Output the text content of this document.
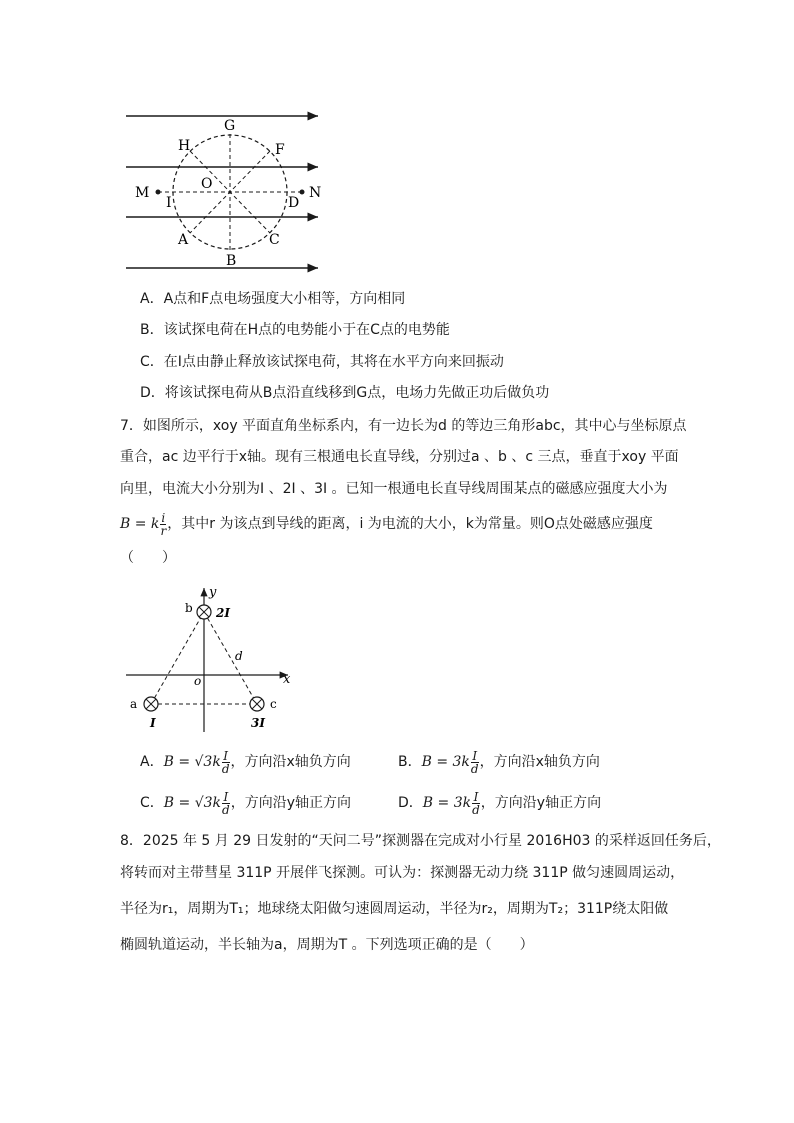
G
H	F
O
M
I	D
N
A	C
B
A．A点和F点电场强度大小相等，方向相同
B．该试探电荷在H点的电势能小于在C点的电势能
C．在I点由静止释放该试探电荷，其将在水平方向来回振动
D．将该试探电荷从B点沿直线移到G点，电场力先做正功后做负功
7．如图所示，xoy 平面直角坐标系内，有一边长为d 的等边三角形abc，其中心与坐标原点
重合，ac 边平行于x轴。现有三根通电长直导线，分别过a 、b 、c 三点，垂直于xoy 平面
向里，电流大小分别为I 、2I 、3I 。已知一根通电长直导线周围某点的磁感应强度大小为
B = k $\frac{i}{r}$ ，其中r 为该点到导线的距离，i 为电流的大小，k为常量。则O点处磁感应强度
（　　）
y
x
o
b 2I
d
a
I
c
3I
A．$B = √3k \frac{I}{d}$ ，方向沿x轴负方向	B．$B = 3k \frac{I}{d}$ ，方向沿x轴负方向
C．$B = √3k \frac{I}{d}$ ，方向沿y轴正方向	D．$B = 3k \frac{I}{d}$ ，方向沿y轴正方向
8．2025 年 5 月 29 日发射的“天问二号”探测器在完成对小行星 2016H03 的采样返回任务后，
将转而对主带彗星 311P 开展伴飞探测。可认为：探测器无动力绕 311P 做匀速圆周运动，
半径为r₁，周期为T₁；地球绕太阳做匀速圆周运动，半径为r₂，周期为T₂；311P绕太阳做
椭圆轨道运动，半长轴为a，周期为T 。下列选项正确的是（　　）
